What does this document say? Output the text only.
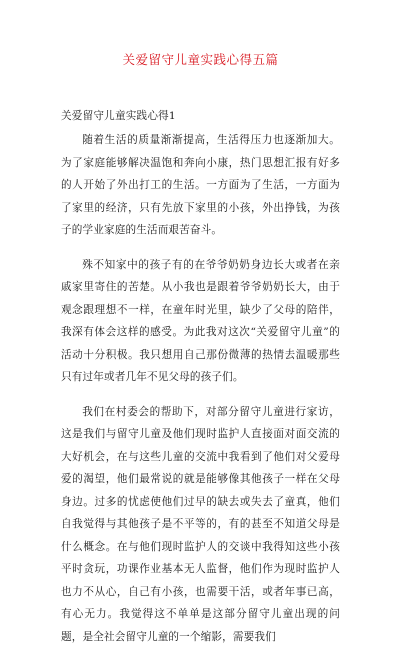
关爱留守儿童实践心得五篇

关爱留守儿童实践心得1

随着生活的质量渐渐提高，生活得压力也逐渐加大。为了家庭能够解决温饱和奔向小康，热门思想汇报有好多的人开始了外出打工的生活。一方面为了生活，一方面为了家里的经济，只有先放下家里的小孩，外出挣钱，为孩子的学业家庭的生活而艰苦奋斗。

殊不知家中的孩子有的在爷爷奶奶身边长大或者在亲戚家里寄住的苦楚。从小我也是跟着爷爷奶奶长大，由于观念跟理想不一样，在童年时光里，缺少了父母的陪伴，我深有体会这样的感受。为此我对这次“关爱留守儿童”的活动十分积极。我只想用自己那份微薄的热情去温暖那些只有过年或者几年不见父母的孩子们。

我们在村委会的帮助下，对部分留守儿童进行家访，这是我们与留守儿童及他们现时监护人直接面对面交流的大好机会，在与这些儿童的交流中我看到了他们对父爱母爱的渴望，他们最常说的就是能够像其他孩子一样在父母身边。过多的忧虑使他们过早的缺去或失去了童真，他们自我觉得与其他孩子是不平等的，有的甚至不知道父母是什么概念。在与他们现时监护人的交谈中我得知这些小孩平时贪玩，功课作业基本无人监督，他们作为现时监护人也力不从心，自己有小孩，也需要干活，或者年事已高，有心无力。我觉得这不单单是这部分留守儿童出现的问题，是全社会留守儿童的一个缩影，需要我们
